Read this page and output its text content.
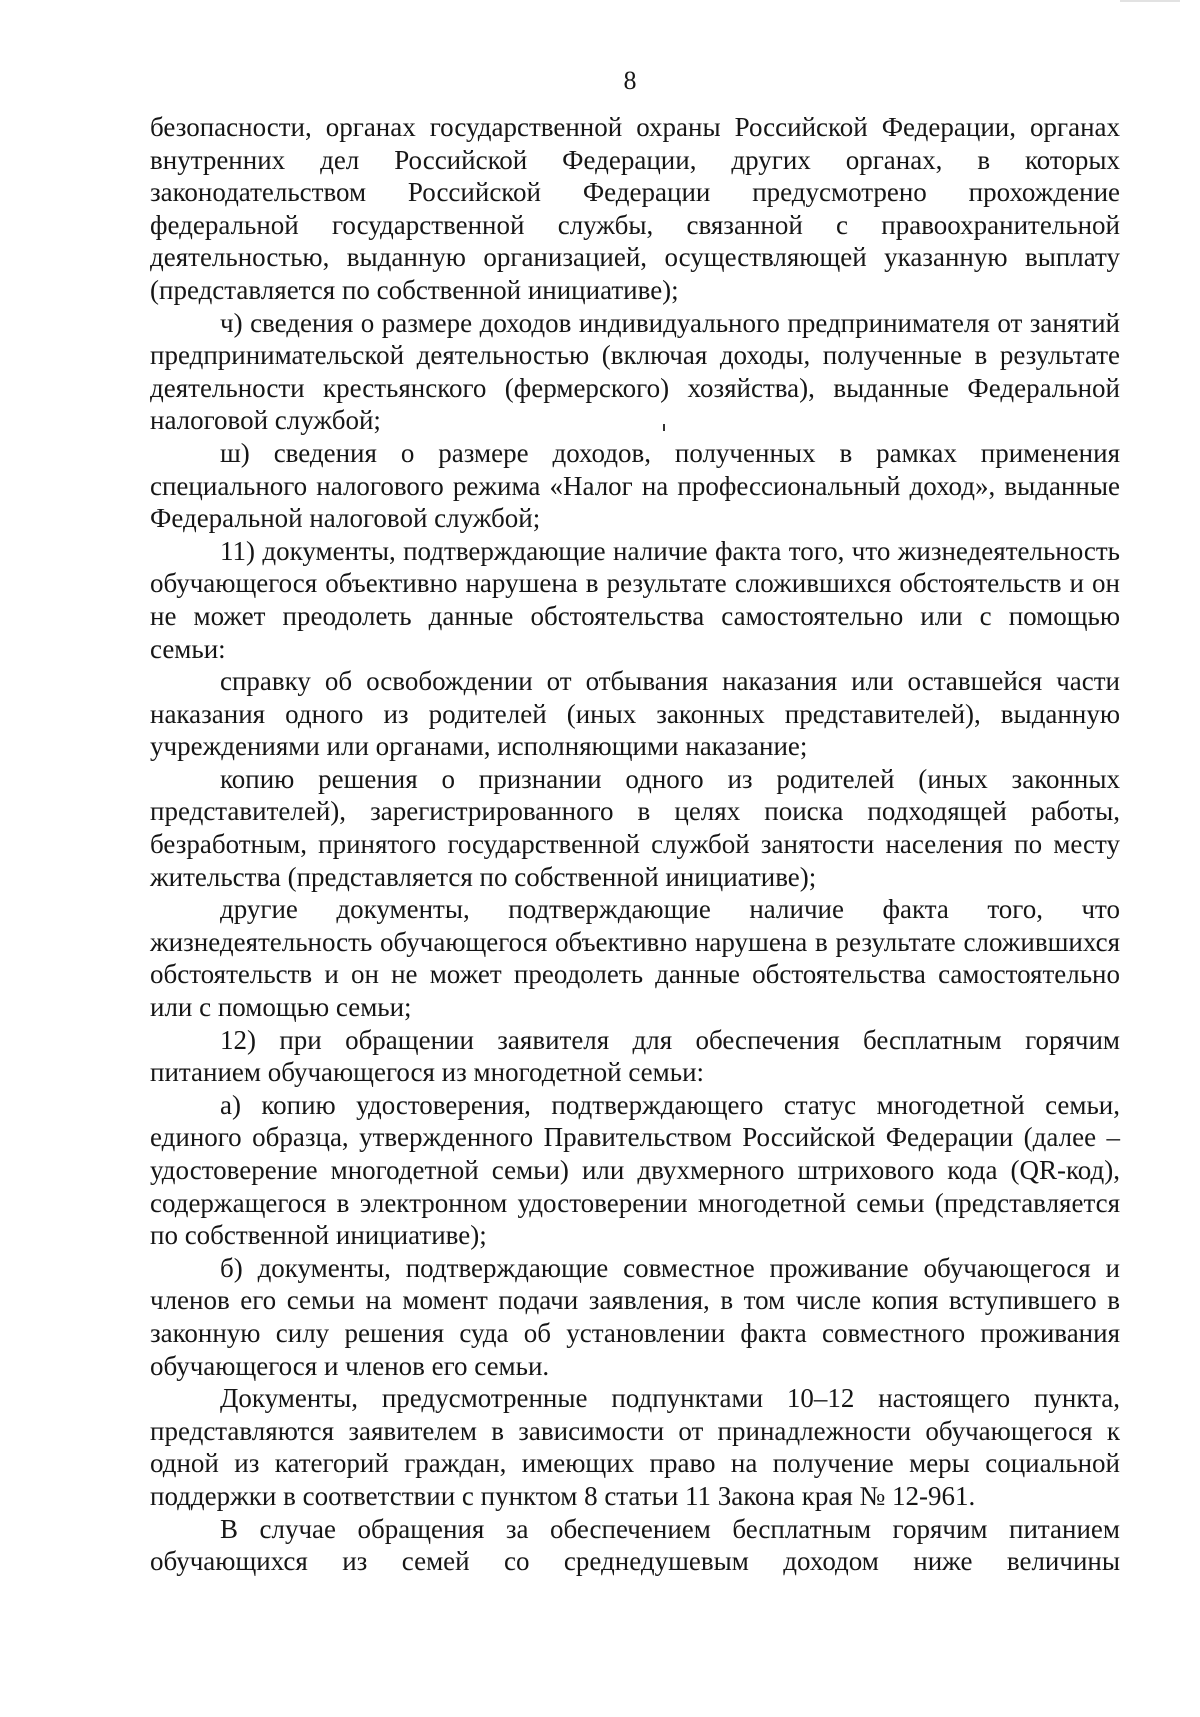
8

безопасности, органах государственной охраны Российской Федерации, органах внутренних дел Российской Федерации, других органах, в которых законодательством Российской Федерации предусмотрено прохождение федеральной государственной службы, связанной с правоохранительной деятельностью, выданную организацией, осуществляющей указанную выплату (представляется по собственной инициативе);

ч) сведения о размере доходов индивидуального предпринимателя от занятий предпринимательской деятельностью (включая доходы, полученные в результате деятельности крестьянского (фермерского) хозяйства), выданные Федеральной налоговой службой;

ш) сведения о размере доходов, полученных в рамках применения специального налогового режима «Налог на профессиональный доход», выданные Федеральной налоговой службой;

11) документы, подтверждающие наличие факта того, что жизнедеятельность обучающегося объективно нарушена в результате сложившихся обстоятельств и он не может преодолеть данные обстоятельства самостоятельно или с помощью семьи:

справку об освобождении от отбывания наказания или оставшейся части наказания одного из родителей (иных законных представителей), выданную учреждениями или органами, исполняющими наказание;

копию решения о признании одного из родителей (иных законных представителей), зарегистрированного в целях поиска подходящей работы, безработным, принятого государственной службой занятости населения по месту жительства (представляется по собственной инициативе);

другие документы, подтверждающие наличие факта того, что жизнедеятельность обучающегося объективно нарушена в результате сложившихся обстоятельств и он не может преодолеть данные обстоятельства самостоятельно или с помощью семьи;

12) при обращении заявителя для обеспечения бесплатным горячим питанием обучающегося из многодетной семьи:

а) копию удостоверения, подтверждающего статус многодетной семьи, единого образца, утвержденного Правительством Российской Федерации (далее – удостоверение многодетной семьи) или двухмерного штрихового кода (QR-код), содержащегося в электронном удостоверении многодетной семьи (представляется по собственной инициативе);

б) документы, подтверждающие совместное проживание обучающегося и членов его семьи на момент подачи заявления, в том числе копия вступившего в законную силу решения суда об установлении факта совместного проживания обучающегося и членов его семьи.

Документы, предусмотренные подпунктами 10–12 настоящего пункта, представляются заявителем в зависимости от принадлежности обучающегося к одной из категорий граждан, имеющих право на получение меры социальной поддержки в соответствии с пунктом 8 статьи 11 Закона края № 12-961.

В случае обращения за обеспечением бесплатным горячим питанием обучающихся из семей со среднедушевым доходом ниже величины
